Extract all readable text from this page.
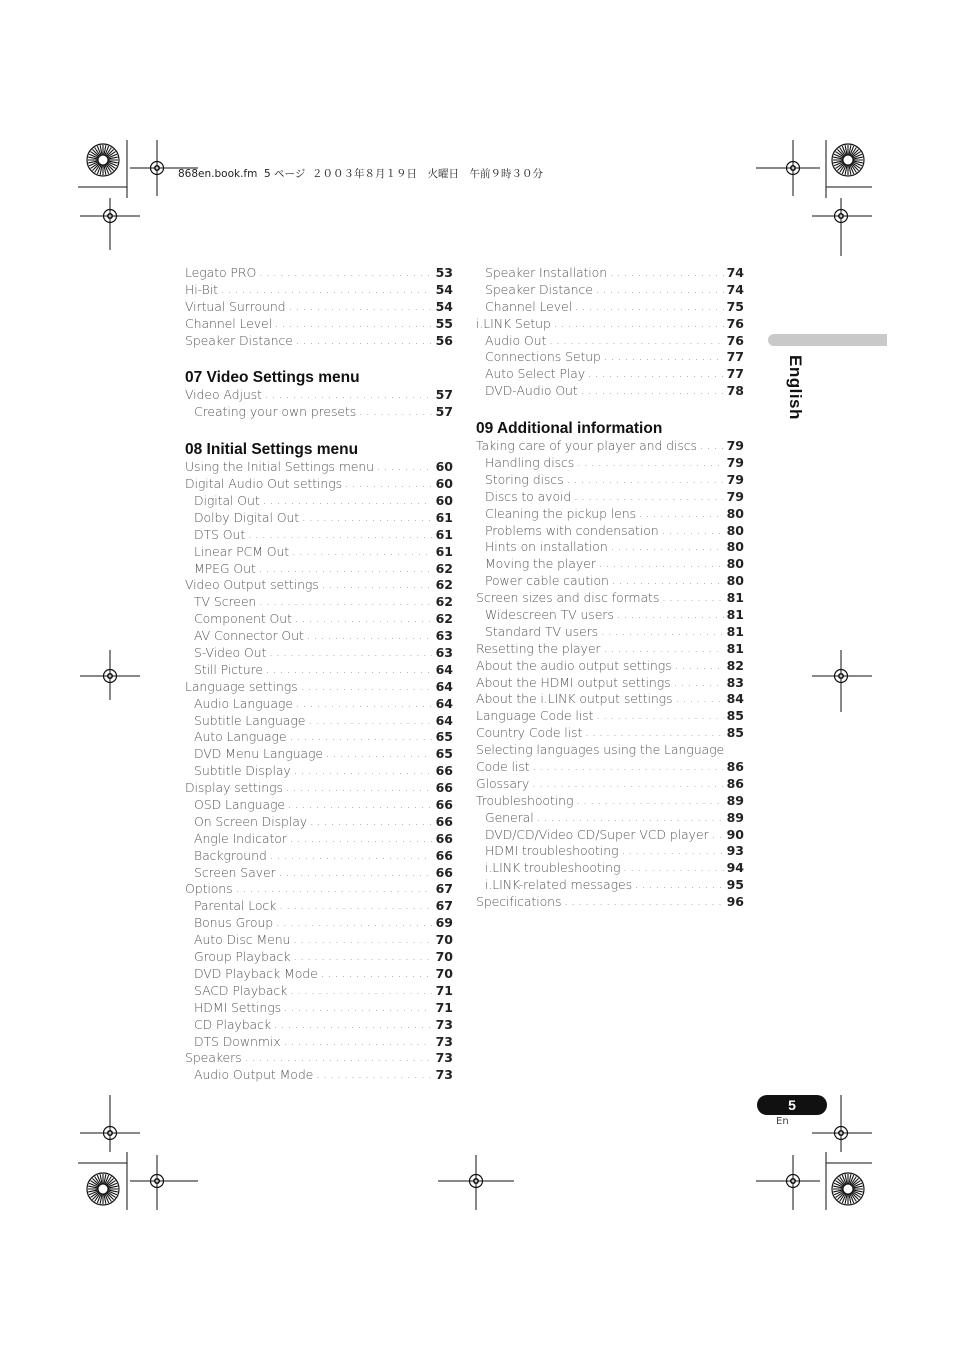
868en.book.fm  5 ページ  ２００３年８月１９日　火曜日　午前９時３０分
Legato PRO . . .	53
Hi-Bit . . .	54
Virtual Surround . . .	54
Channel Level . . .	55
Speaker Distance . . .	56
07 Video Settings menu
Video Adjust . . .	57
Creating your own presets . . .	57
08 Initial Settings menu
Using the Initial Settings menu . . .	60
Digital Audio Out settings . . .	60
Digital Out . . .	60
Dolby Digital Out . . .	61
DTS Out . . .	61
Linear PCM Out . . .	61
MPEG Out . . .	62
Video Output settings . . .	62
TV Screen . . .	62
Component Out . . .	62
AV Connector Out . . .	63
S-Video Out . . .	63
Still Picture . . .	64
Language settings . . .	64
Audio Language . . .	64
Subtitle Language . . .	64
Auto Language . . .	65
DVD Menu Language . . .	65
Subtitle Display . . .	66
Display settings . . .	66
OSD Language . . .	66
On Screen Display . . .	66
Angle Indicator . . .	66
Background . . .	66
Screen Saver . . .	66
Options . . .	67
Parental Lock . . .	67
Bonus Group . . .	69
Auto Disc Menu . . .	70
Group Playback . . .	70
DVD Playback Mode . . .	70
SACD Playback . . .	71
HDMI Settings . . .	71
CD Playback . . .	73
DTS Downmix . . .	73
Speakers . . .	73
Audio Output Mode . . .	73
Speaker Installation . . .	74
Speaker Distance . . .	74
Channel Level . . .	75
i.LINK Setup . . .	76
Audio Out . . .	76
Connections Setup . . .	77
Auto Select Play . . .	77
DVD-Audio Out . . .	78
09 Additional information
Taking care of your player and discs . . . 79
Handling discs . . .	79
Storing discs . . .	79
Discs to avoid . . .	79
Cleaning the pickup lens . . .	80
Problems with condensation . . .	80
Hints on installation . . .	80
Moving the player . . .	80
Power cable caution . . .	80
Screen sizes and disc formats . . .	81
Widescreen TV users . . .	81
Standard TV users . . .	81
Resetting the player . . .	81
About the audio output settings . . .	82
About the HDMI output settings . . .	83
About the i.LINK output settings . . .	84
Language Code list . . .	85
Country Code list . . .	85
Selecting languages using the Language
Code list . . .	86
Glossary . . .	86
Troubleshooting . . .	89
General . . .	89
DVD/CD/Video CD/Super VCD player . . . 90
HDMI troubleshooting . . .	93
i.LINK troubleshooting . . .	94
i.LINK-related messages . . .	95
Specifications . . .	96
English
5
En
